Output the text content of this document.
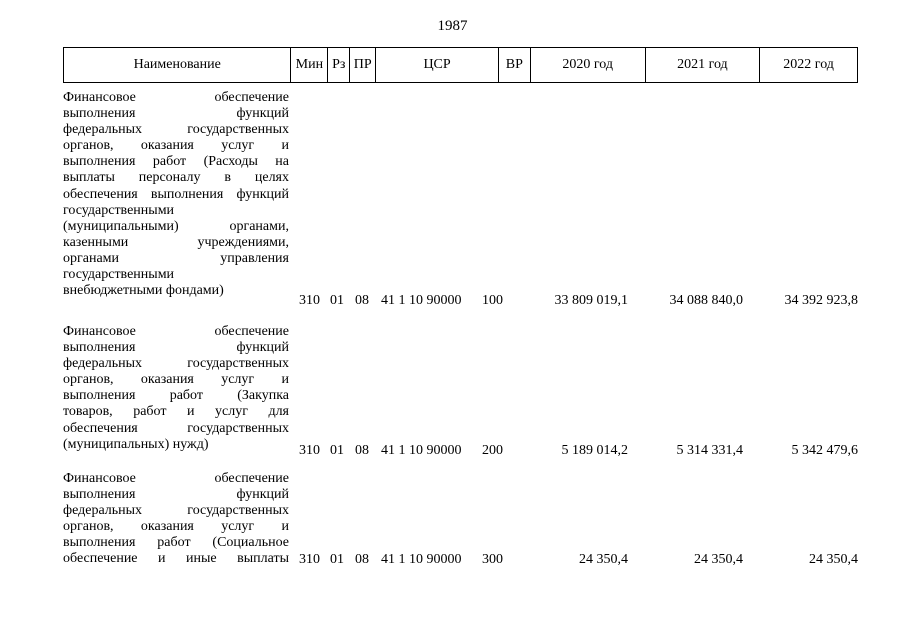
1987
Наименование	Мин Рз ПР	ЦСР	ВР	2020 год	2021 год	2022 год
Финансовое обеспечение
выполнения функций
федеральных государственных
органов, оказания услуг и
выполнения работ (Расходы на
выплаты персоналу в целях
обеспечения выполнения функций
государственными
(муниципальными) органами,
казенными учреждениями,
органами управления
государственными
внебюджетными фондами)
310 01 08 41 1 10 90000 100	33 809 019,1	34 088 840,0	34 392 923,8
Финансовое обеспечение
выполнения функций
федеральных государственных
органов, оказания услуг и
выполнения работ (Закупка
товаров, работ и услуг для
обеспечения государственных
(муниципальных) нужд)	310 01 08 41 1 10 90000 200	5 189 014,2	5 314 331,4	5 342 479,6
Финансовое обеспечение
выполнения функций
федеральных государственных
органов, оказания услуг и
выполнения работ (Социальное
обеспечение и иные выплаты 310 01 08 41 1 10 90000 300	24 350,4	24 350,4	24 350,4
